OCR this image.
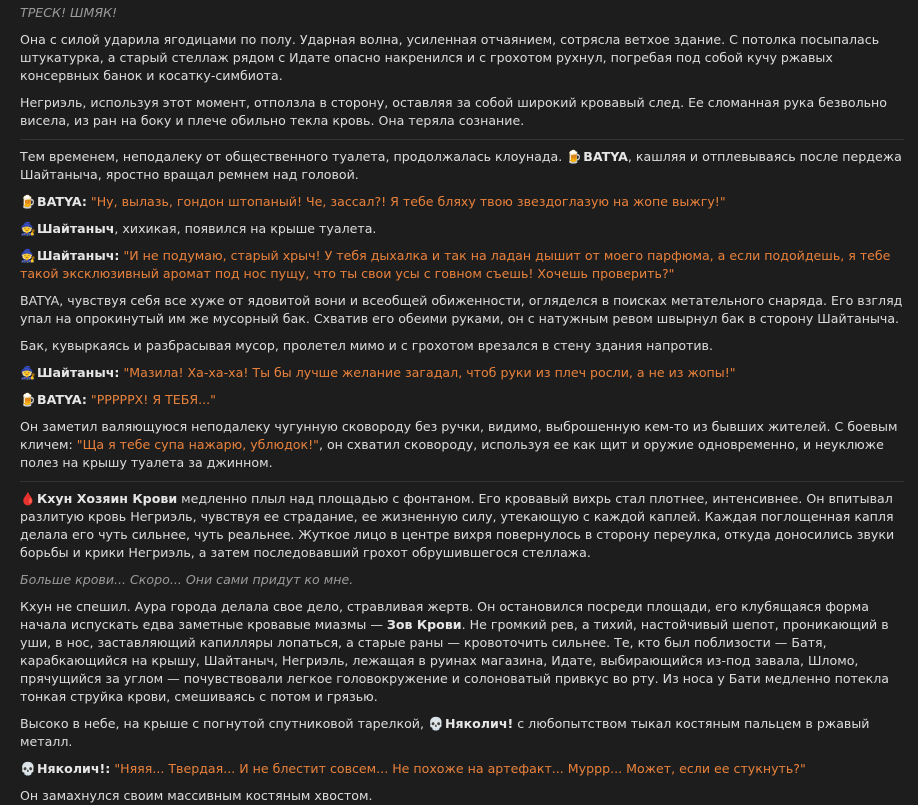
ТРЕСК! ШМЯК!

Она с силой ударила ягодицами по полу. Ударная волна, усиленная отчаянием, сотрясла ветхое здание. С потолка посыпалась штукатурка, а старый стеллаж рядом с Идате опасно накренился и с грохотом рухнул, погребая под собой кучу ржавых консервных банок и косатку-симбиота.

Негриэль, используя этот момент, отползла в сторону, оставляя за собой широкий кровавый след. Ее сломанная рука безвольно висела, из ран на боку и плече обильно текла кровь. Она теряла сознание.

Тем временем, неподалеку от общественного туалета, продолжалась клоунада. 🍺BATYA, кашляя и отплевываясь после пердежа Шайтаныча, яростно вращал ремнем над головой.

🍺BATYA: "Ну, вылазь, гондон штопаный! Че, зассал?! Я тебе бляху твою звездоглазую на жопе выжгу!"

🧙Шайтаныч, хихикая, появился на крыше туалета.

🧙Шайтаныч: "И не подумаю, старый хрыч! У тебя дыхалка и так на ладан дышит от моего парфюма, а если подойдешь, я тебе такой эксклюзивный аромат под нос пущу, что ты свои усы с говном съешь! Хочешь проверить?"

BATYA, чувствуя себя все хуже от ядовитой вони и всеобщей обиженности, огляделся в поисках метательного снаряда. Его взгляд упал на опрокинутый им же мусорный бак. Схватив его обеими руками, он с натужным ревом швырнул бак в сторону Шайтаныча.

Бак, кувыркаясь и разбрасывая мусор, пролетел мимо и с грохотом врезался в стену здания напротив.

🧙Шайтаныч: "Мазила! Ха-ха-ха! Ты бы лучше желание загадал, чтоб руки из плеч росли, а не из жопы!"

🍺BATYA: "РРРРРХ! Я ТЕБЯ..."

Он заметил валяющуюся неподалеку чугунную сковороду без ручки, видимо, выброшенную кем-то из бывших жителей. С боевым кличем: "Ща я тебе супа нажарю, ублюдок!", он схватил сковороду, используя ее как щит и оружие одновременно, и неуклюже полез на крышу туалета за джинном.

🩸Кхун Хозяин Крови медленно плыл над площадью с фонтаном. Его кровавый вихрь стал плотнее, интенсивнее. Он впитывал разлитую кровь Негриэль, чувствуя ее страдание, ее жизненную силу, утекающую с каждой каплей. Каждая поглощенная капля делала его чуть сильнее, чуть реальнее. Жуткое лицо в центре вихря повернулось в сторону переулка, откуда доносились звуки борьбы и крики Негриэль, а затем последовавший грохот обрушившегося стеллажа.

Больше крови... Скоро... Они сами придут ко мне.

Кхун не спешил. Аура города делала свое дело, стравливая жертв. Он остановился посреди площади, его клубящаяся форма начала испускать едва заметные кровавые миазмы — Зов Крови. Не громкий рев, а тихий, настойчивый шепот, проникающий в уши, в нос, заставляющий капилляры лопаться, а старые раны — кровоточить сильнее. Те, кто был поблизости — Батя, карабкающийся на крышу, Шайтаныч, Негриэль, лежащая в руинах магазина, Идате, выбирающийся из-под завала, Шломо, прячущийся за углом — почувствовали легкое головокружение и солоноватый привкус во рту. Из носа у Бати медленно потекла тонкая струйка крови, смешиваясь с потом и грязью.

Высоко в небе, на крыше с погнутой спутниковой тарелкой, 💀Няколич! с любопытством тыкал костяным пальцем в ржавый металл.

💀Няколич!: "Няяя... Твердая... И не блестит совсем... Не похоже на артефакт... Муррр... Может, если ее стукнуть?"

Он замахнулся своим массивным костяным хвостом.
